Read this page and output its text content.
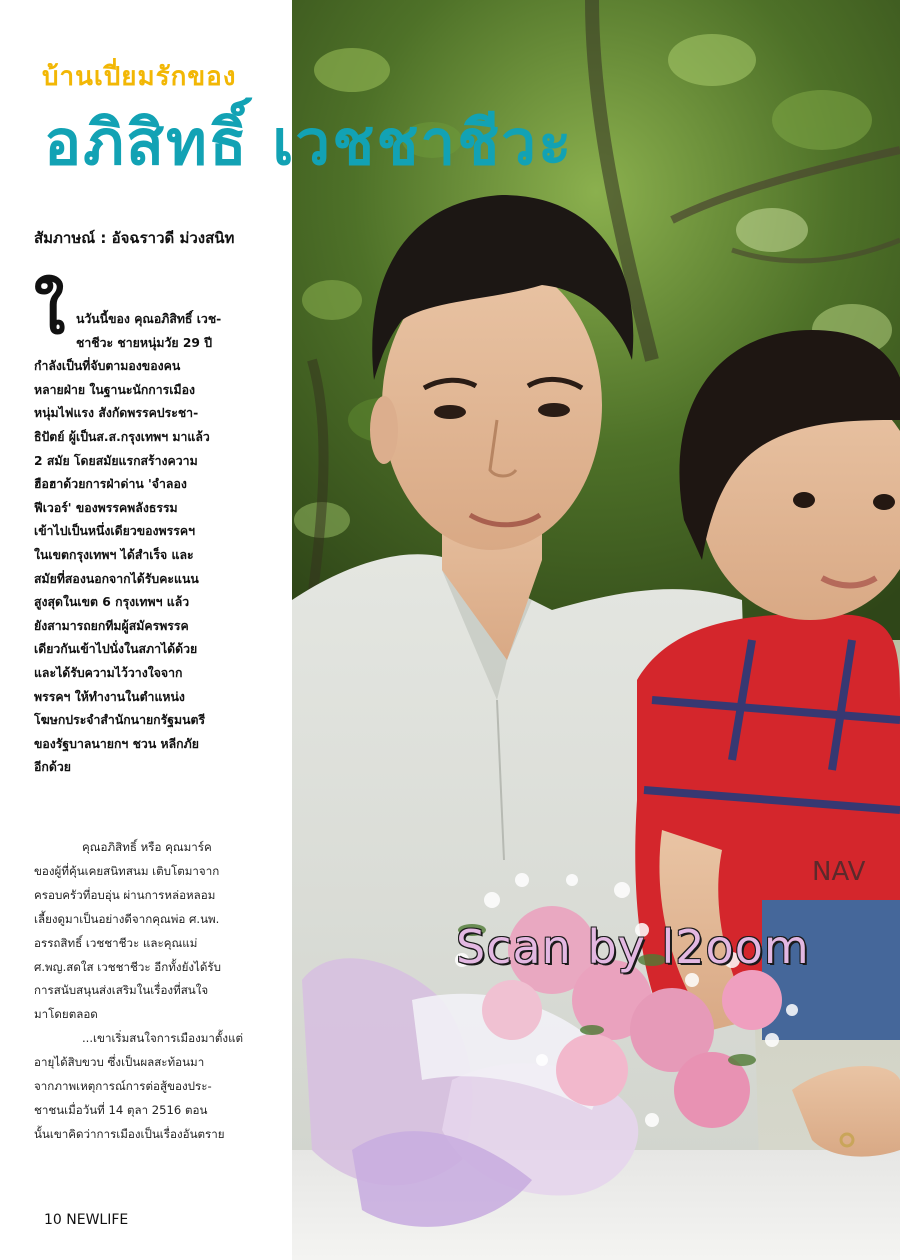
NAV
บ้านเปี่ยมรักของ
อภิสิทธิ์ เวชชาชีวะ
สัมภาษณ์ : อัจฉราวดี ม่วงสนิท
ใ นวันนี้ของ คุณอภิสิทธิ์ เวช-
ชาชีวะ ชายหนุ่มวัย 29 ปี
กำลังเป็นที่จับตามองของคน
หลายฝ่าย ในฐานะนักการเมือง
หนุ่มไฟแรง สังกัดพรรคประชา-
ธิปัตย์ ผู้เป็นส.ส.กรุงเทพฯ มาแล้ว
2 สมัย โดยสมัยแรกสร้างความ
ฮือฮาด้วยการฝ่าด่าน 'จำลอง
ฟีเวอร์' ของพรรคพลังธรรม
เข้าไปเป็นหนึ่งเดียวของพรรคฯ
ในเขตกรุงเทพฯ ได้สำเร็จ และ
สมัยที่สองนอกจากได้รับคะแนน
สูงสุดในเขต 6 กรุงเทพฯ แล้ว
ยังสามารถยกทีมผู้สมัครพรรค
เดียวกันเข้าไปนั่งในสภาได้ด้วย
และได้รับความไว้วางใจจาก
พรรคฯ ให้ทำงานในตำแหน่ง
โฆษกประจำสำนักนายกรัฐมนตรี
ของรัฐบาลนายกฯ ชวน หลีกภัย
อีกด้วย
คุณอภิสิทธิ์ หรือ คุณมาร์ค
ของผู้ที่คุ้นเคยสนิทสนม เติบโตมาจาก
ครอบครัวที่อบอุ่น ผ่านการหล่อหลอม
เลี้ยงดูมาเป็นอย่างดีจากคุณพ่อ ศ.นพ.
อรรถสิทธิ์ เวชชาชีวะ และคุณแม่
ศ.พญ.สดใส เวชชาชีวะ อีกทั้งยังได้รับ
การสนับสนุนส่งเสริมในเรื่องที่สนใจ
มาโดยตลอด
...เขาเริ่มสนใจการเมืองมาตั้งแต่
อายุได้สิบขวบ ซึ่งเป็นผลสะท้อนมา
จากภาพเหตุการณ์การต่อสู้ของประ-
ชาชนเมื่อวันที่ 14 ตุลา 2516 ตอน
นั้นเขาคิดว่าการเมืองเป็นเรื่องอันตราย
10 NEWLIFE
Scan by l2oom
